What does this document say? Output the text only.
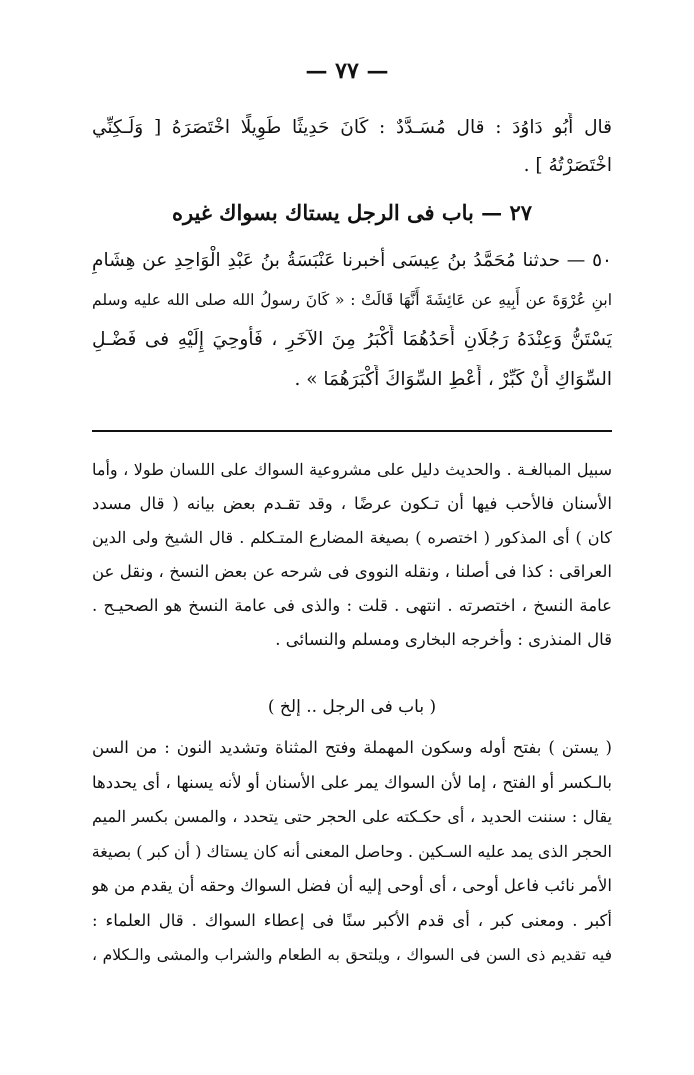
— ٧٧ —
قال أَبُو دَاوُدَ : قال مُسَـدَّدٌ : كَانَ حَدِيثًا طَوِيلًا اخْتَصَرَهُ [ وَلَـكِنِّي
اخْتَصَرْتُهُ ] .
٢٧ — باب فى الرجل يستاك بسواك غيره
٥٠ — حدثنا مُحَمَّدُ بنُ عِيسَى أخبرنا عَنْبَسَةُ بنُ عَبْدِ الْوَاحِدِ عن هِشَامِ
ابنِ عُرْوَةَ عن أَبِيهِ عن عَائِشَةَ أَنَّهَا قَالَتْ : « كَانَ رسولُ الله صلى الله عليه وسلم
يَسْتَنُّ وَعِنْدَهُ رَجُلَانِ أَحَدُهُمَا أَكْبَرُ مِنَ الآخَرِ ، فَأُوحِيَ إِلَيْهِ فى فَضْـلِ
السِّوَاكِ أَنْ كَبِّرْ ، أَعْطِ السِّوَاكَ أَكْبَرَهُمَا » .
سبيل المبالغـة . والحديث دليل على مشروعية السواك على اللسان طولا ، وأما
الأسنان فالأحب فيها أن تـكون عرضًا ، وقد تقـدم بعض بيانه ( قال مسدد
كان ) أى المذكور ( اختصره ) بصيغة المضارع المتـكلم . قال الشيخ ولى الدين
العراقى : كذا فى أصلنا ، ونقله النووى فى شرحه عن بعض النسخ ، ونقل عن
عامة النسخ ، اختصرته . انتهى . قلت : والذى فى عامة النسخ هو الصحيـح .
قال المنذرى : وأخرجه البخارى ومسلم والنسائى .
( باب فى الرجل .. إلخ )
( يستن ) بفتح أوله وسكون المهملة وفتح المثناة وتشديد النون : من السن
بالـكسر أو الفتح ، إما لأن السواك يمر على الأسنان أو لأنه يسنها ، أى يحددها
يقال : سننت الحديد ، أى حكـكته على الحجر حتى يتحدد ، والمسن بكسر الميم
الحجر الذى يمد عليه السـكين . وحاصل المعنى أنه كان يستاك ( أن كبر ) بصيغة
الأمر نائب فاعل أوحى ، أى أوحى إليه أن فضل السواك وحقه أن يقدم من هو
أكبر . ومعنى كبر ، أى قدم الأكبر سنًا فى إعطاء السواك . قال العلماء :
فيه تقديم ذى السن فى السواك ، ويلتحق به الطعام والشراب والمشى والـكلام ،
